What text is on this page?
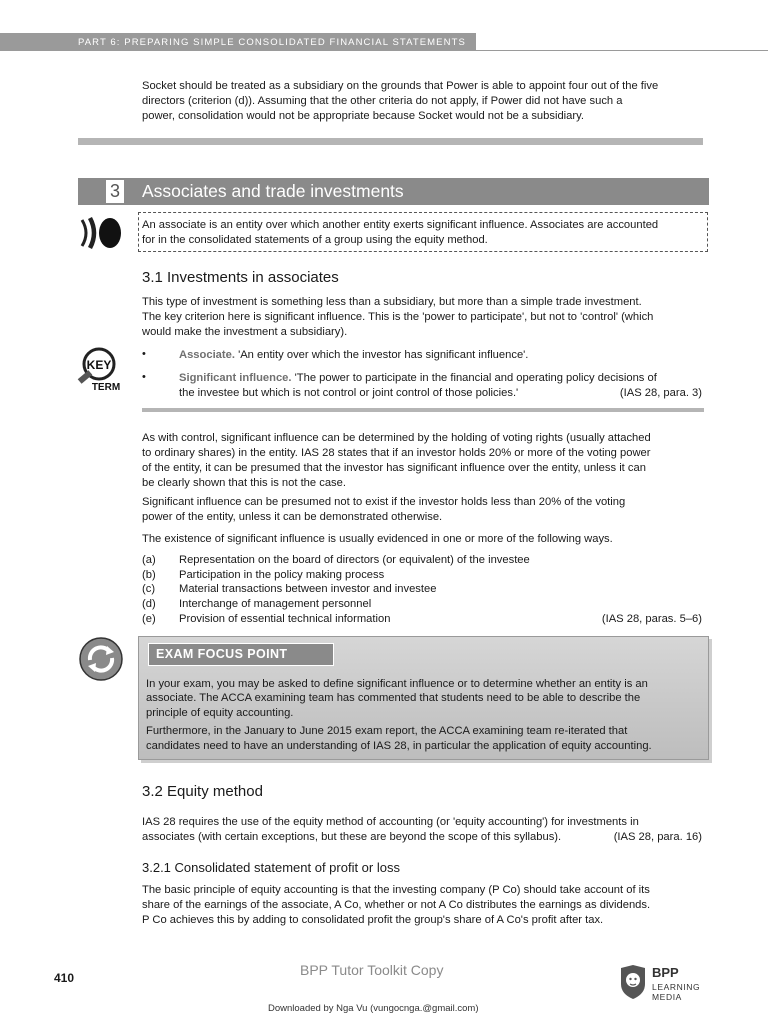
PART 6: PREPARING SIMPLE CONSOLIDATED FINANCIAL STATEMENTS

Socket should be treated as a subsidiary on the grounds that Power is able to appoint four out of the five

directors (criterion (d)). Assuming that the other criteria do not apply, if Power did not have such a

power, consolidation would not be appropriate because Socket would not be a subsidiary.

3 Associates and trade investments

An associate is an entity over which another entity exerts significant influence. Associates are accounted

for in the consolidated statements of a group using the equity method.

3.1 Investments in associates

This type of investment is something less than a subsidiary, but more than a simple trade investment.

The key criterion here is significant influence. This is the 'power to participate', but not to 'control' (which

would make the investment a subsidiary).

KEY
TERM
•	Associate. 'An entity over which the investor has significant influence'.

•	Significant influence. 'The power to participate in the financial and operating policy decisions of

the investee but which is not control or joint control of those policies.'	(IAS 28, para. 3)

As with control, significant influence can be determined by the holding of voting rights (usually attached

to ordinary shares) in the entity. IAS 28 states that if an investor holds 20% or more of the voting power

of the entity, it can be presumed that the investor has significant influence over the entity, unless it can

be clearly shown that this is not the case.

Significant influence can be presumed not to exist if the investor holds less than 20% of the voting

power of the entity, unless it can be demonstrated otherwise.

The existence of significant influence is usually evidenced in one or more of the following ways.

(a) Representation on the board of directors (or equivalent) of the investee
(b) Participation in the policy making process
(c) Material transactions between investor and investee
(d) Interchange of management personnel
(e) Provision of essential technical information	(IAS 28, paras. 5–6)
EXAM FOCUS POINT

In your exam, you may be asked to define significant influence or to determine whether an entity is an

associate. The ACCA examining team has commented that students need to be able to describe the

principle of equity accounting.

Furthermore, in the January to June 2015 exam report, the ACCA examining team re-iterated that

candidates need to have an understanding of IAS 28, in particular the application of equity accounting.

3.2 Equity method

IAS 28 requires the use of the equity method of accounting (or 'equity accounting') for investments in

associates (with certain exceptions, but these are beyond the scope of this syllabus).	(IAS 28, para. 16)

3.2.1 Consolidated statement of profit or loss

The basic principle of equity accounting is that the investing company (P Co) should take account of its

share of the earnings of the associate, A Co, whether or not A Co distributes the earnings as dividends.

P Co achieves this by adding to consolidated profit the group's share of A Co's profit after tax.

410	BPP Tutor Toolkit Copy
Downloaded by Nga Vu (vungocnga.@gmail.com)
BPP
LEARNING
MEDIA
